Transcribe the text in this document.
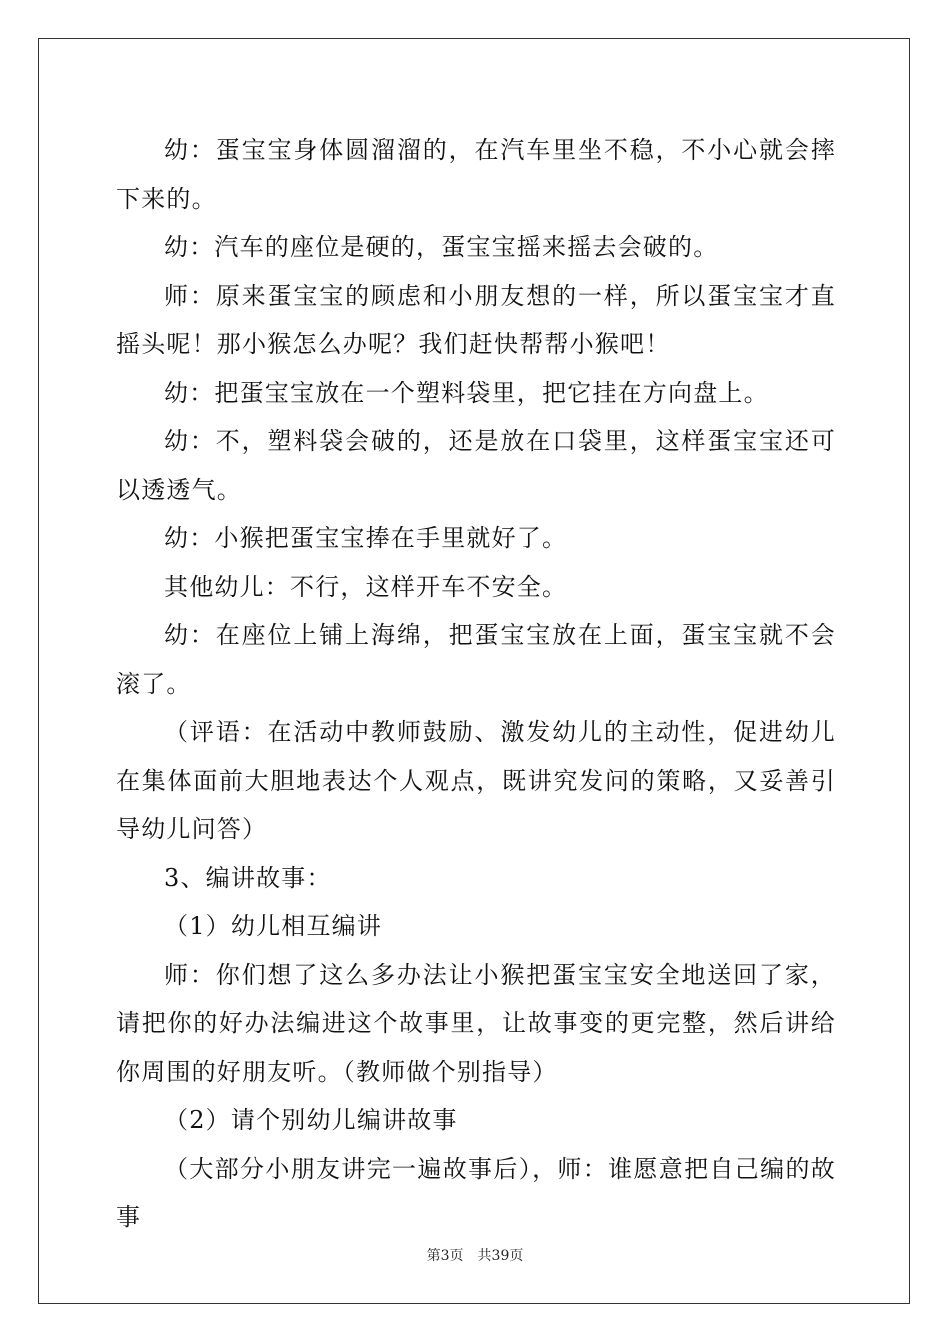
幼：蛋宝宝身体圆溜溜的，在汽车里坐不稳，不小心就会摔下来的。

幼：汽车的座位是硬的，蛋宝宝摇来摇去会破的。

师：原来蛋宝宝的顾虑和小朋友想的一样，所以蛋宝宝才直摇头呢！那小猴怎么办呢？我们赶快帮帮小猴吧！

幼：把蛋宝宝放在一个塑料袋里，把它挂在方向盘上。

幼：不，塑料袋会破的，还是放在口袋里，这样蛋宝宝还可以透透气。

幼：小猴把蛋宝宝捧在手里就好了。

其他幼儿：不行，这样开车不安全。

幼：在座位上铺上海绵，把蛋宝宝放在上面，蛋宝宝就不会滚了。

（评语：在活动中教师鼓励、激发幼儿的主动性，促进幼儿在集体面前大胆地表达个人观点，既讲究发问的策略，又妥善引导幼儿问答）

3、编讲故事：

（1）幼儿相互编讲

师：你们想了这么多办法让小猴把蛋宝宝安全地送回了家，请把你的好办法编进这个故事里，让故事变的更完整，然后讲给你周围的好朋友听。（教师做个别指导）

（2）请个别幼儿编讲故事

（大部分小朋友讲完一遍故事后），师：谁愿意把自己编的故事

第3页　共39页
